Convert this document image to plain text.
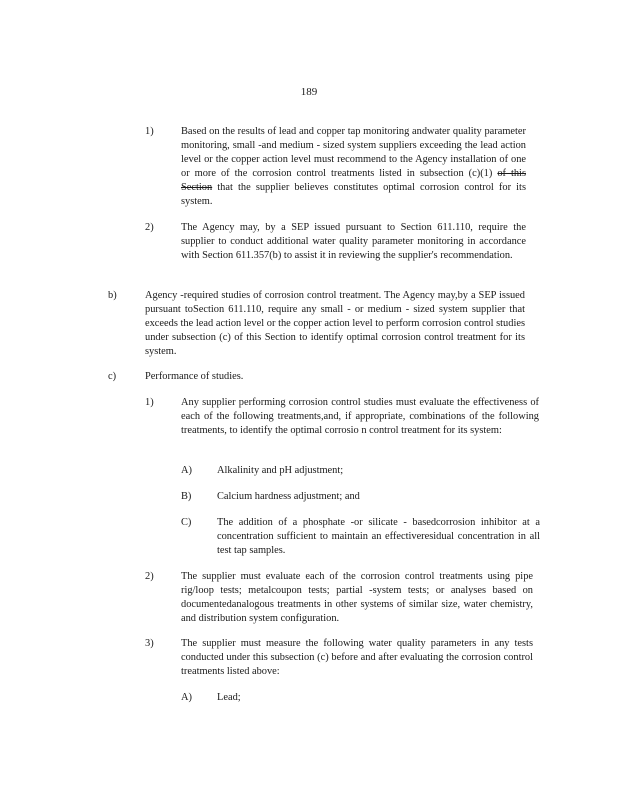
189
1)	Based on the results of lead and copper tap monitoring andwater quality parameter monitoring, small -and medium - sized system suppliers exceeding the lead action level or the copper action level must recommend to the Agency installation of one or more of the corrosion control treatments listed in subsection (c)(1) of this Section that the supplier believes constitutes optimal corrosion control for its system.

2)	The Agency may, by a SEP issued pursuant to Section 611.110, require the supplier to conduct additional water quality parameter monitoring in accordance with Section 611.357(b) to assist it in reviewing the supplier's recommendation.

b)	Agency -required studies of corrosion control treatment. The Agency may,by a SEP issued pursuant toSection 611.110, require any small - or medium - sized system supplier that exceeds the lead action level or the copper action level to perform corrosion control studies under subsection (c) of this Section to identify optimal corrosion control treatment for its system.

c)	Performance of studies.

1)	Any supplier performing corrosion control studies must evaluate the effectiveness of each of the following treatments,and, if appropriate, combinations of the following treatments, to identify the optimal corrosio n control treatment for its system:

A) Alkalinity and pH adjustment;

B) Calcium hardness adjustment; and

C) The addition of a phosphate -or silicate - basedcorrosion inhibitor at a concentration sufficient to maintain an effectiveresidual concentration in all test tap samples.

2)	The supplier must evaluate each of the corrosion control treatments using pipe rig/loop tests; metalcoupon tests; partial -system tests; or analyses based on documentedanalogous treatments in other systems of similar size, water chemistry, and distribution system configuration.

3)	The supplier must measure the following water quality parameters in any tests conducted under this subsection (c) before and after evaluating the corrosion control treatments listed above:

A) Lead;
